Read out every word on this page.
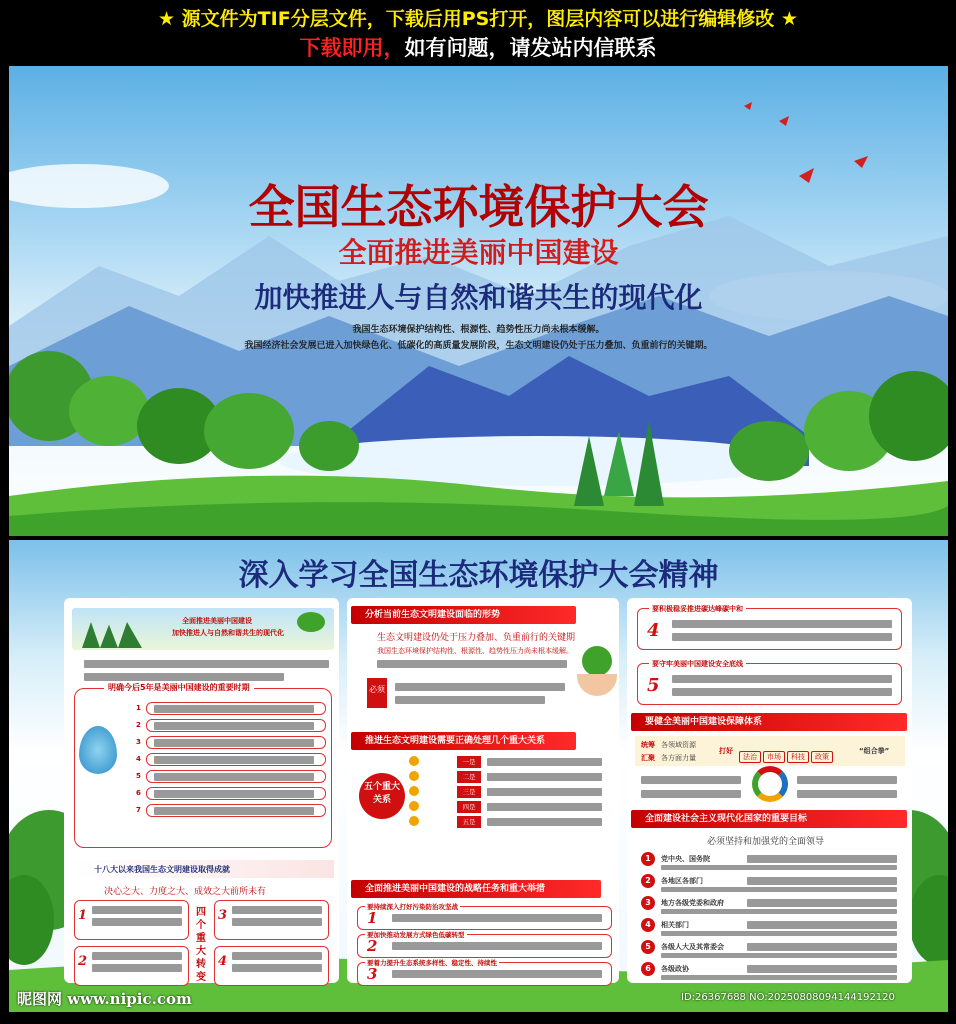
★ 源文件为TIF分层文件，下载后用PS打开，图层内容可以进行编辑修改 ★
下载即用，如有问题，请发站内信联系
全国生态环境保护大会
全面推进美丽中国建设
加快推进人与自然和谐共生的现代化
我国生态环境保护结构性、根源性、趋势性压力尚未根本缓解。
我国经济社会发展已进入加快绿色化、低碳化的高质量发展阶段，生态文明建设仍处于压力叠加、负重前行的关键期。
深入学习全国生态环境保护大会精神
全面推进美丽中国建设
加快推进人与自然和谐共生的现代化
明确今后5年是美丽中国建设的重要时期
1
2
3
4
5
6
7
十八大以来我国生态文明建设取得成就
决心之大、力度之大、成效之大前所未有
1
2
3
4
四个重大转变
分析当前生态文明建设面临的形势
生态文明建设仍处于压力叠加、负重前行的关键期
我国生态环境保护结构性、根源性、趋势性压力尚未根本缓解。
必须
推进生态文明建设需要正确处理几个重大关系
五个重大关系
一是
二是
三是
四是
五是
全面推进美丽中国建设的战略任务和重大举措
要持续深入打好污染防治攻坚战
1
要加快推动发展方式绿色低碳转型
2
要着力提升生态系统多样性、稳定性、持续性
3
要积极稳妥推进碳达峰碳中和
4
要守牢美丽中国建设安全底线
5
要健全美丽中国建设保障体系
统筹 各领域资源
汇聚 各方面力量
打好
法治 市场 科技 政策
“组合拳”
全面建设社会主义现代化国家的重要目标
必须坚持和加强党的全面领导
1	党中央、国务院
2	各地区各部门
3	地方各级党委和政府
4	相关部门
5	各级人大及其常委会
6	各级政协
昵图网 www.nipic.com	ID:26367688 NO:20250808094144192120
